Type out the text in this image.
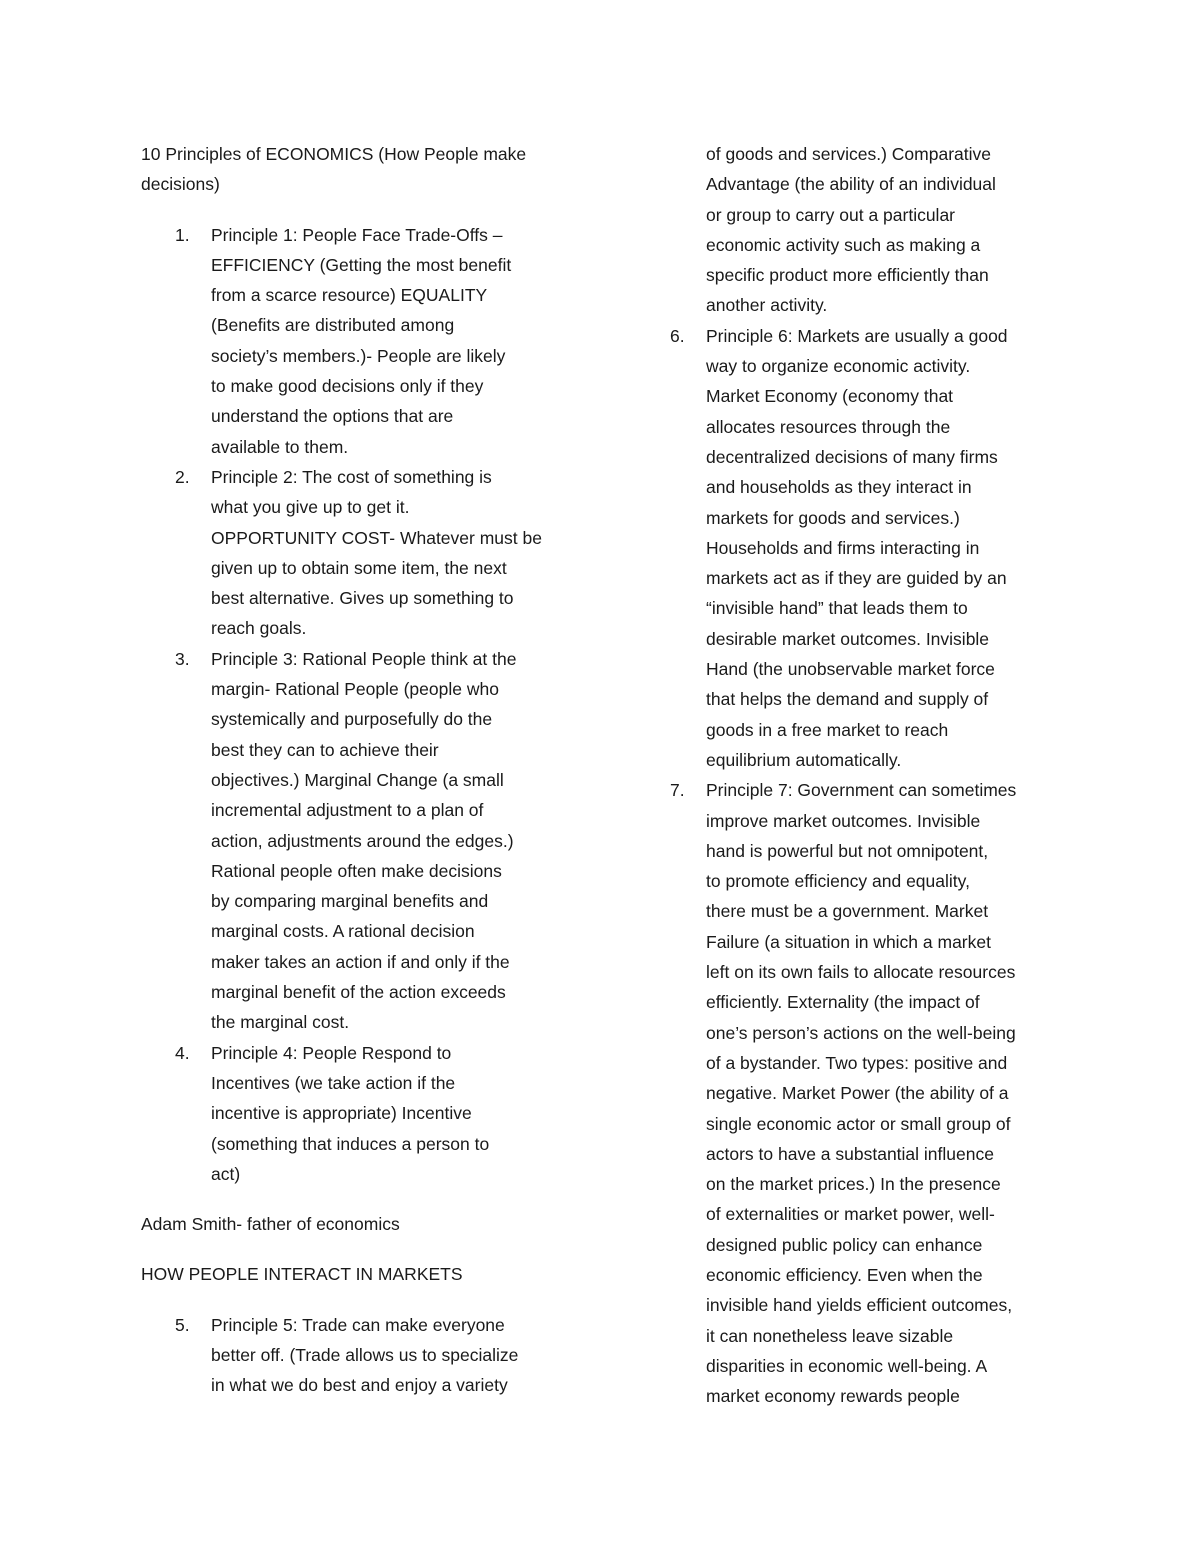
10 Principles of ECONOMICS (How People make
decisions)

1. Principle 1: People Face Trade-Offs –
EFFICIENCY (Getting the most benefit
from a scarce resource) EQUALITY
(Benefits are distributed among
society’s members.)- People are likely
to make good decisions only if they
understand the options that are
available to them.
2. Principle 2: The cost of something is
what you give up to get it.
OPPORTUNITY COST- Whatever must be
given up to obtain some item, the next
best alternative. Gives up something to
reach goals.
3. Principle 3: Rational People think at the
margin- Rational People (people who
systemically and purposefully do the
best they can to achieve their
objectives.) Marginal Change (a small
incremental adjustment to a plan of
action, adjustments around the edges.)
Rational people often make decisions
by comparing marginal benefits and
marginal costs. A rational decision
maker takes an action if and only if the
marginal benefit of the action exceeds
the marginal cost.
4. Principle 4: People Respond to
Incentives (we take action if the
incentive is appropriate) Incentive
(something that induces a person to
act)

Adam Smith- father of economics

HOW PEOPLE INTERACT IN MARKETS

5. Principle 5: Trade can make everyone
better off. (Trade allows us to specialize
in what we do best and enjoy a variety
of goods and services.) Comparative
Advantage (the ability of an individual
or group to carry out a particular
economic activity such as making a
specific product more efficiently than
another activity.
6. Principle 6: Markets are usually a good
way to organize economic activity.
Market Economy (economy that
allocates resources through the
decentralized decisions of many firms
and households as they interact in
markets for goods and services.)
Households and firms interacting in
markets act as if they are guided by an
“invisible hand” that leads them to
desirable market outcomes. Invisible
Hand (the unobservable market force
that helps the demand and supply of
goods in a free market to reach
equilibrium automatically.
7. Principle 7: Government can sometimes
improve market outcomes. Invisible
hand is powerful but not omnipotent,
to promote efficiency and equality,
there must be a government. Market
Failure (a situation in which a market
left on its own fails to allocate resources
efficiently. Externality (the impact of
one’s person’s actions on the well-being
of a bystander. Two types: positive and
negative. Market Power (the ability of a
single economic actor or small group of
actors to have a substantial influence
on the market prices.) In the presence
of externalities or market power, well-
designed public policy can enhance
economic efficiency. Even when the
invisible hand yields efficient outcomes,
it can nonetheless leave sizable
disparities in economic well-being. A
market economy rewards people
